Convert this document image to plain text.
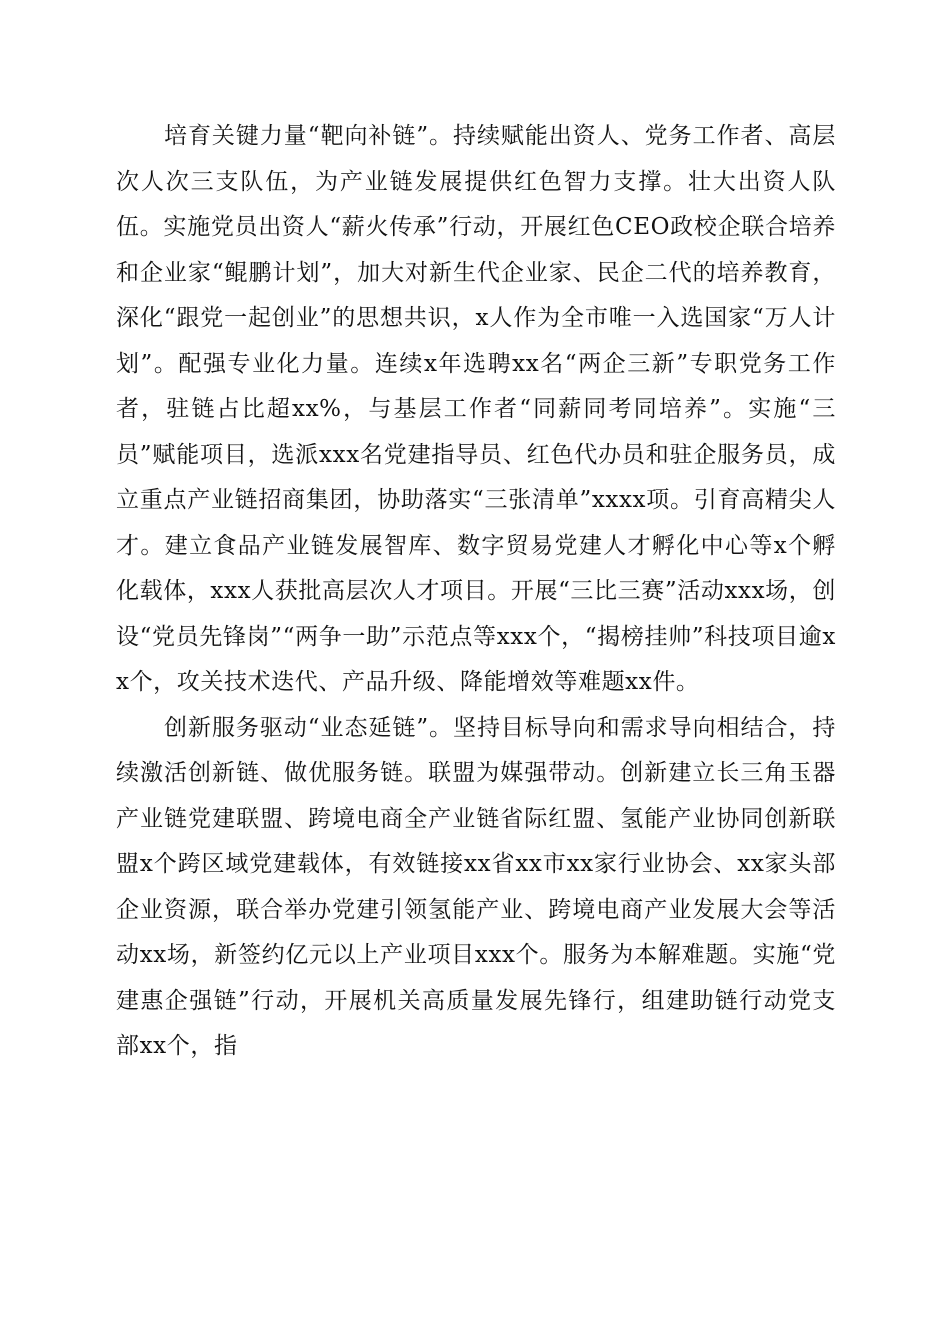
培育关键力量“靶向补链”。持续赋能出资人、党务工作者、高层次人次三支队伍，为产业链发展提供红色智力支撑。壮大出资人队伍。实施党员出资人“薪火传承”行动，开展红色CEO政校企联合培养和企业家“鲲鹏计划”，加大对新生代企业家、民企二代的培养教育，深化“跟党一起创业”的思想共识，x人作为全市唯一入选国家“万人计划”。配强专业化力量。连续x年选聘xx名“两企三新”专职党务工作者，驻链占比超xx%，与基层工作者“同薪同考同培养”。实施“三员”赋能项目，选派xxx名党建指导员、红色代办员和驻企服务员，成立重点产业链招商集团，协助落实“三张清单”xxxx项。引育高精尖人才。建立食品产业链发展智库、数字贸易党建人才孵化中心等x个孵化载体，xxx人获批高层次人才项目。开展“三比三赛”活动xxx场，创设“党员先锋岗”“两争一助”示范点等xxx个，“揭榜挂帅”科技项目逾xx个，攻关技术迭代、产品升级、降能增效等难题xx件。

创新服务驱动“业态延链”。坚持目标导向和需求导向相结合，持续激活创新链、做优服务链。联盟为媒强带动。创新建立长三角玉器产业链党建联盟、跨境电商全产业链省际红盟、氢能产业协同创新联盟x个跨区域党建载体，有效链接xx省xx市xx家行业协会、xx家头部企业资源，联合举办党建引领氢能产业、跨境电商产业发展大会等活动xx场，新签约亿元以上产业项目xxx个。服务为本解难题。实施“党建惠企强链”行动，开展机关高质量发展先锋行，组建助链行动党支部xx个，指
